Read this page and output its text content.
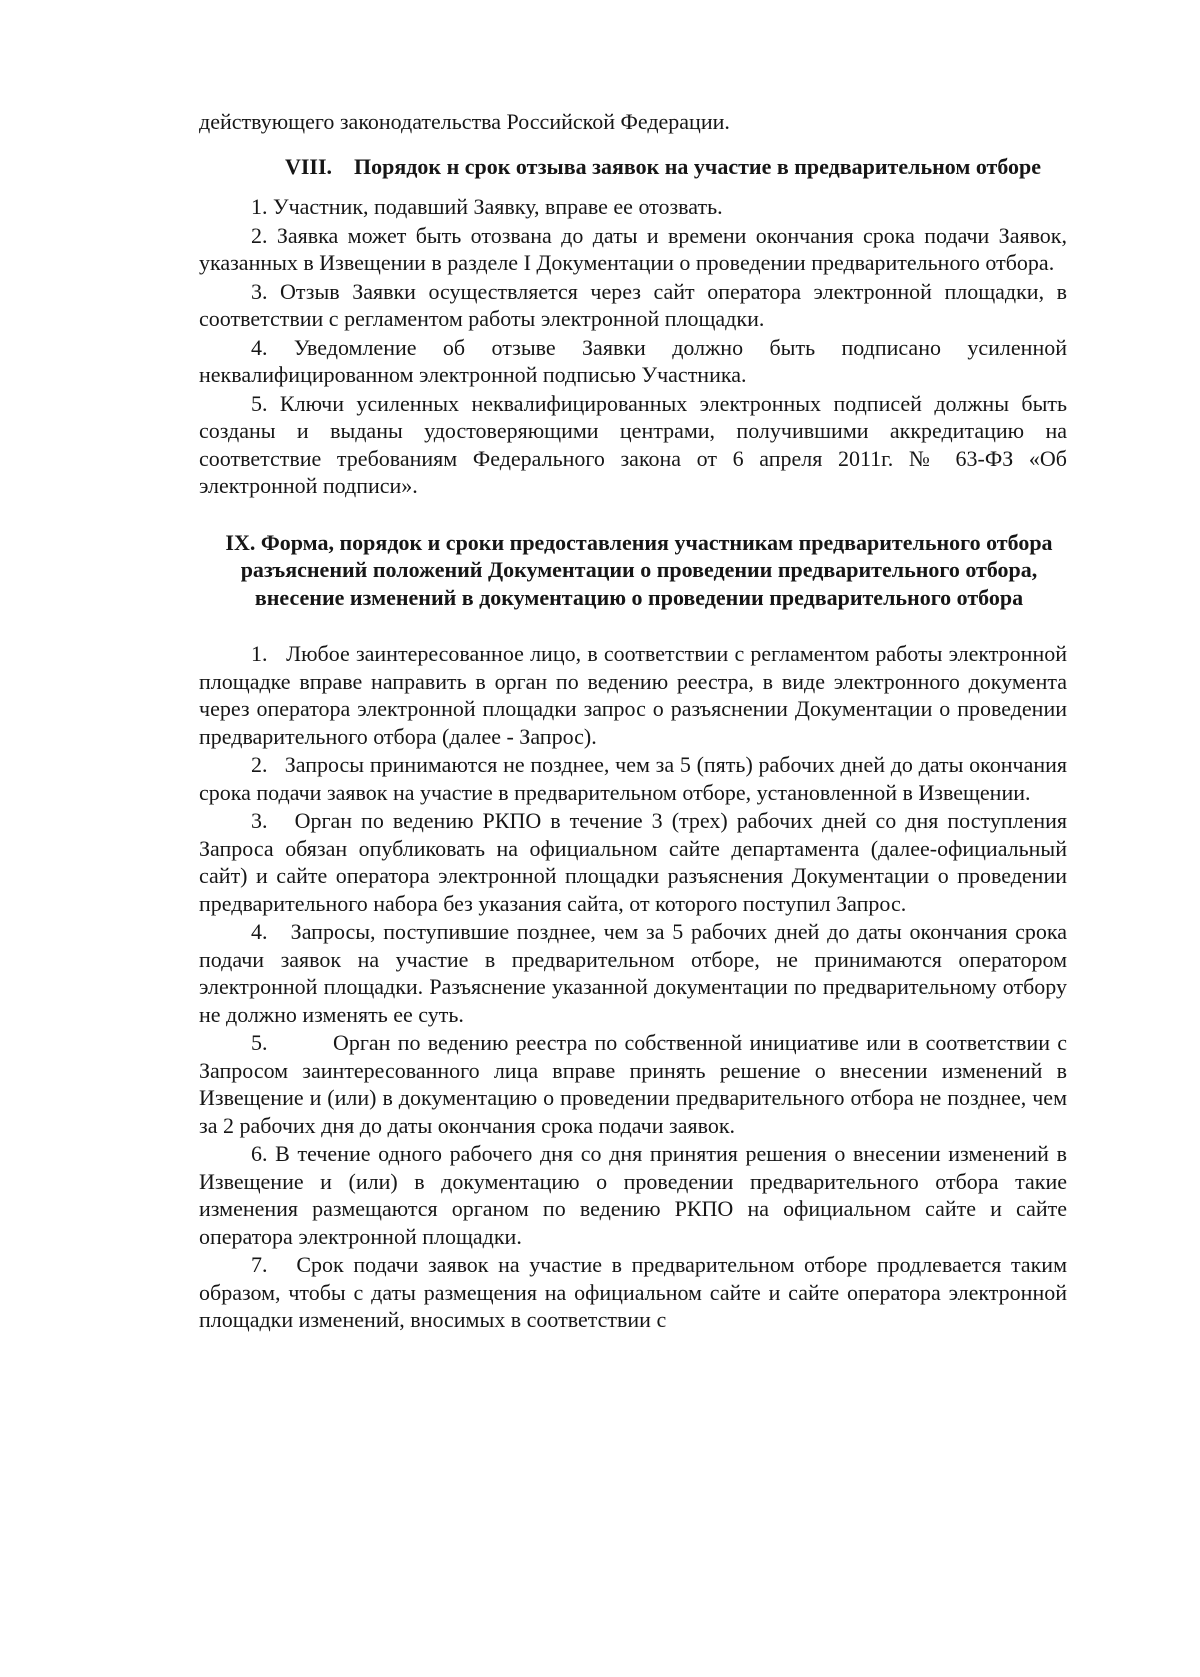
действующего законодательства Российской Федерации.

VIII. Порядок н срок отзыва заявок на участие в предварительном отборе
1. Участник, подавший Заявку, вправе ее отозвать.
2. Заявка может быть отозвана до даты и времени окончания срока подачи Заявок, указанных в Извещении в разделе I Документации о проведении предварительного отбора.
3. Отзыв Заявки осуществляется через сайт оператора электронной площадки, в соответствии с регламентом работы электронной площадки.
4. Уведомление об отзыве Заявки должно быть подписано усиленной неквалифицированном электронной подписью Участника.
5. Ключи усиленных неквалифицированных электронных подписей должны быть созданы и выданы удостоверяющими центрами, получившими аккредитацию на соответствие требованиям Федерального закона от 6 апреля 2011г. № 63-ФЗ «Об электронной подписи».
IX. Форма, порядок и сроки предоставления участникам предварительного отбора разъяснений положений Документации о проведении предварительного отбора, внесение изменений в документацию о проведении предварительного отбора
1. Любое заинтересованное лицо, в соответствии с регламентом работы электронной площадке вправе направить в орган по ведению реестра, в виде электронного документа через оператора электронной площадки запрос о разъяснении Документации о проведении предварительного отбора (далее - Запрос).
2. Запросы принимаются не позднее, чем за 5 (пять) рабочих дней до даты окончания срока подачи заявок на участие в предварительном отборе, установленной в Извещении.
3. Орган по ведению РКПО в течение 3 (трех) рабочих дней со дня поступления Запроса обязан опубликовать на официальном сайте департамента (далее-официальный сайт) и сайте оператора электронной площадки разъяснения Документации о проведении предварительного набора без указания сайта, от которого поступил Запрос.
4. Запросы, поступившие позднее, чем за 5 рабочих дней до даты окончания срока подачи заявок на участие в предварительном отборе, не принимаются оператором электронной площадки. Разъяснение указанной документации по предварительному отбору не должно изменять ее суть.
5.	Орган по ведению реестра по собственной инициативе или в соответствии с Запросом заинтересованного лица вправе принять решение о внесении изменений в Извещение и (или) в документацию о проведении предварительного отбора не позднее, чем за 2 рабочих дня до даты окончания срока подачи заявок.
6. В течение одного рабочего дня со дня принятия решения о внесении изменений в Извещение и (или) в документацию о проведении предварительного отбора такие изменения размещаются органом по ведению РКПО на официальном сайте и сайте оператора электронной площадки.
7. Срок подачи заявок на участие в предварительном отборе продлевается таким образом, чтобы с даты размещения на официальном сайте и сайте оператора электронной площадки изменений, вносимых в соответствии с
